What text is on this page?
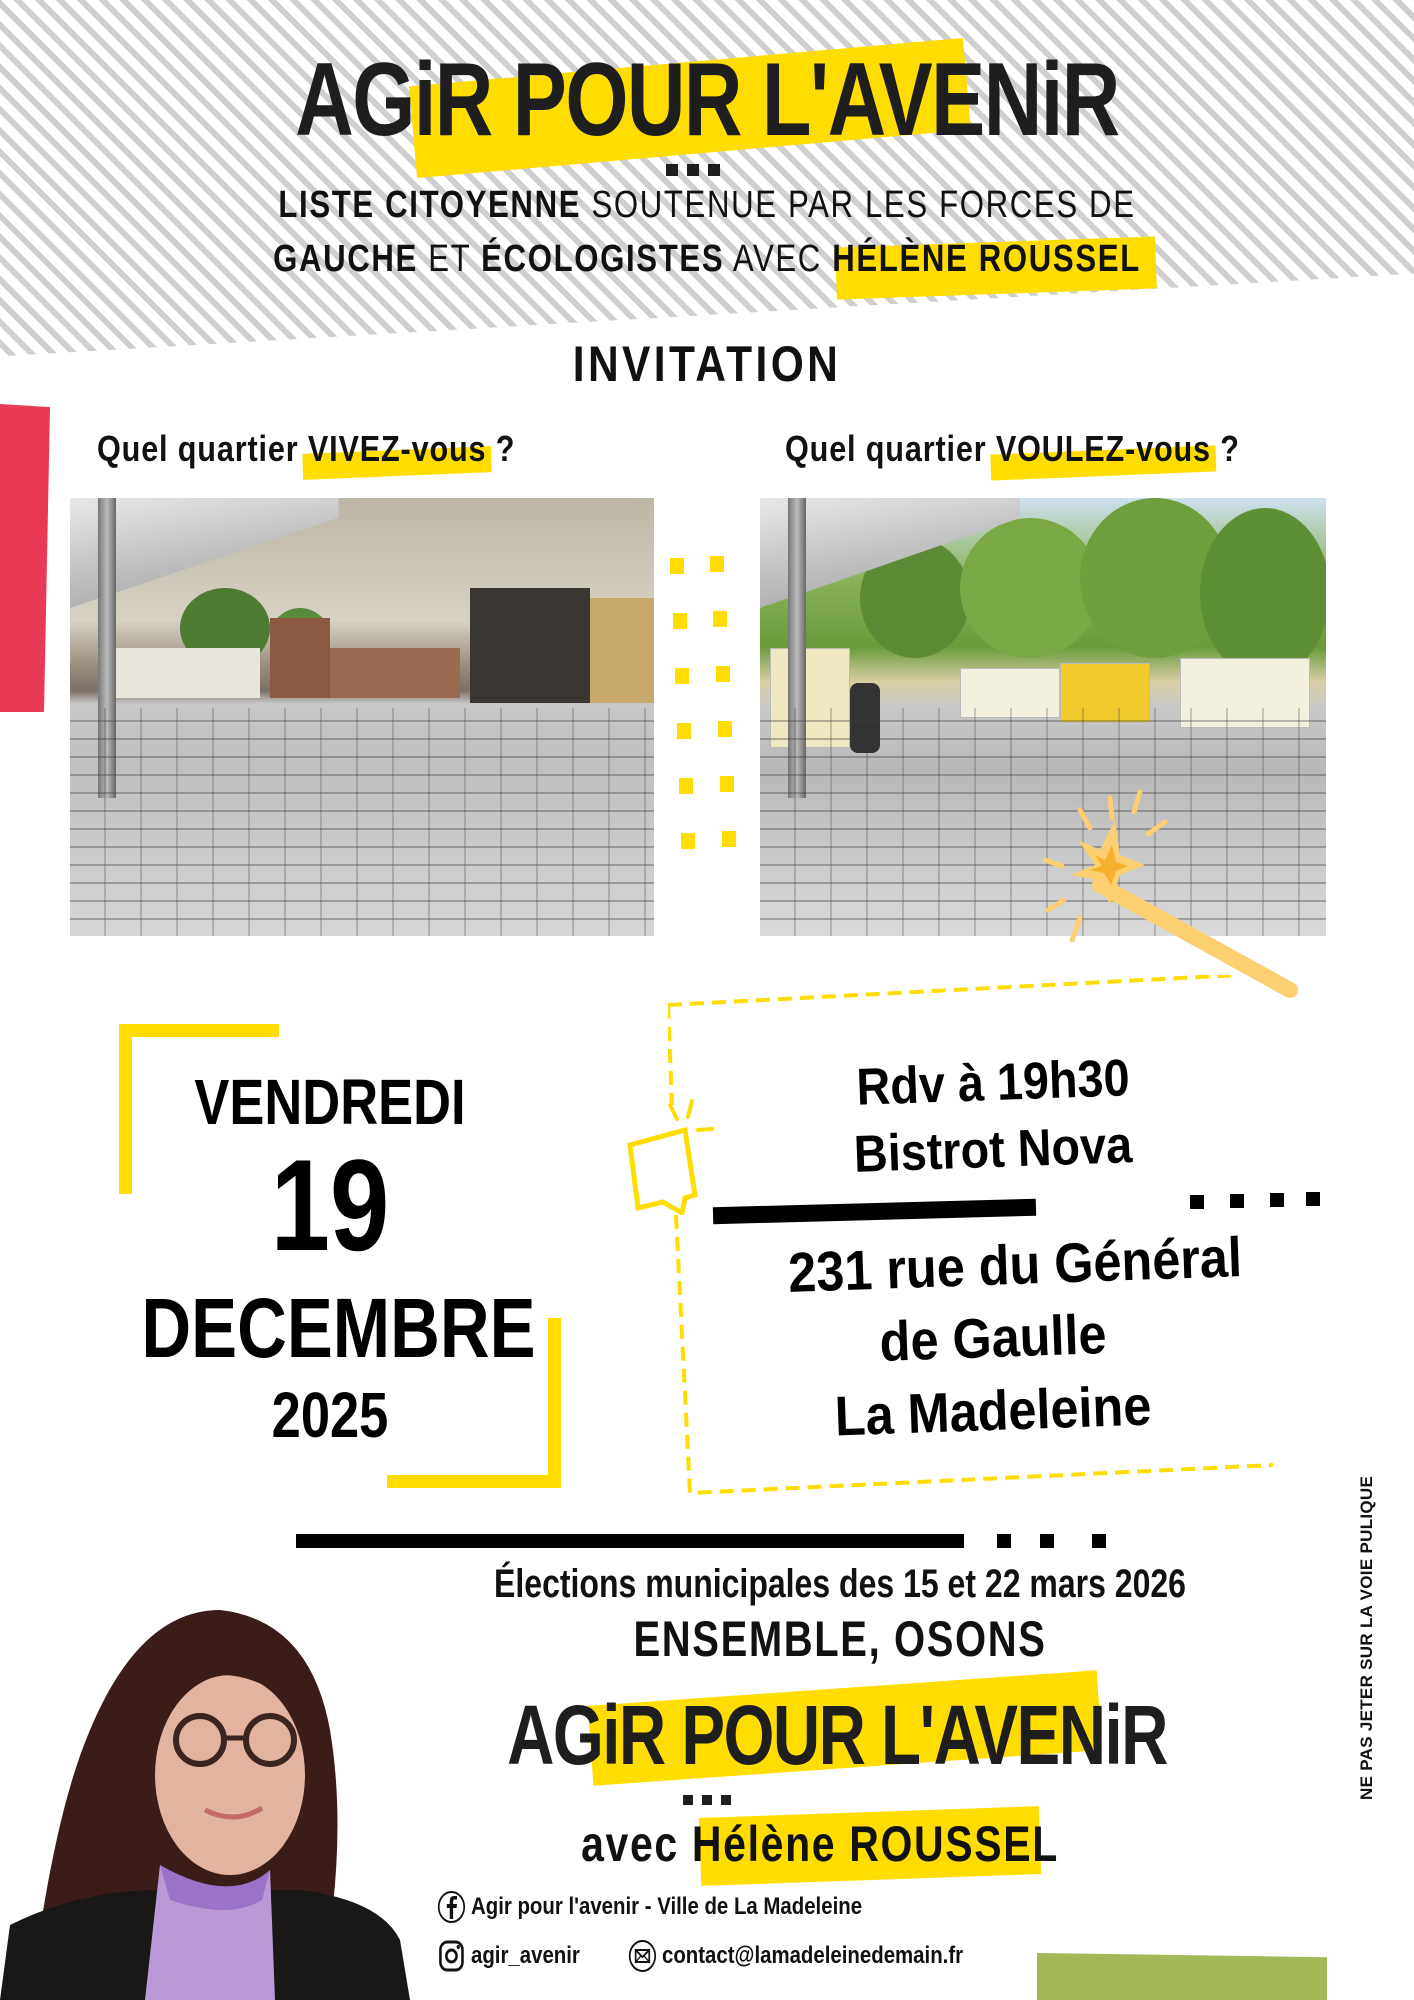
AGiR POUR L'AVENiR
LISTE CITOYENNE SOUTENUE PAR LES FORCES DE
GAUCHE ET ÉCOLOGISTES AVEC HÉLÈNE ROUSSEL
INVITATION
Quel quartier VIVEZ-vous ?	Quel quartier VOULEZ-vous ?
VENDREDI
19
DECEMBRE
2025
Rdv à 19h30
Bistrot Nova
231 rue du Général
de Gaulle
La Madeleine
Élections municipales des 15 et 22 mars 2026
ENSEMBLE, OSONS
AGiR POUR L'AVENiR
avec Hélène ROUSSEL
Agir pour l'avenir - Ville de La Madeleine
agir_avenir	contact@lamadeleinedemain.fr
NE PAS JETER SUR LA VOIE PULIQUE
